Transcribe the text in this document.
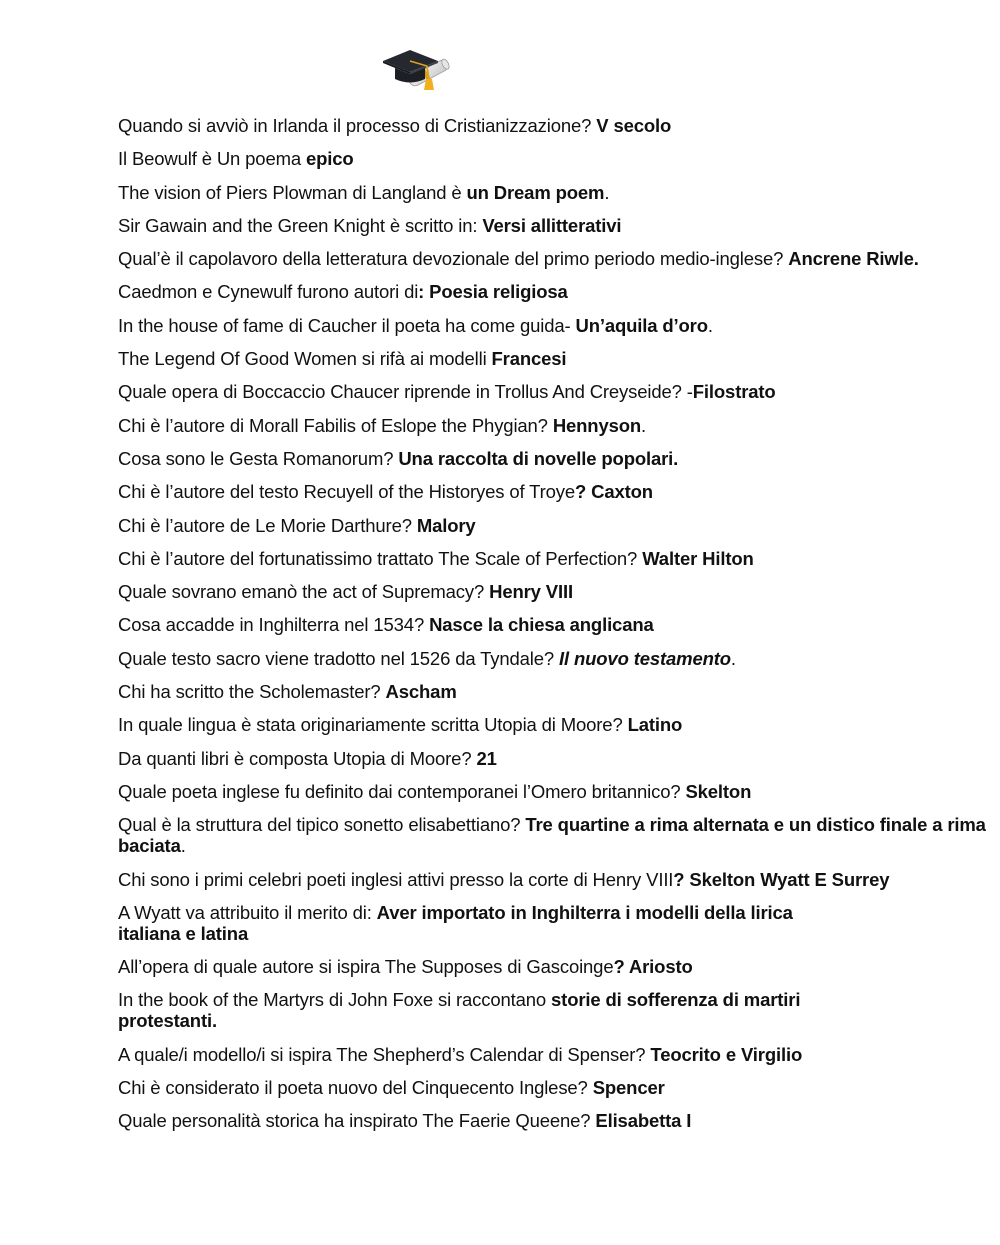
Quando si avviò in Irlanda il processo di Cristianizzazione? V secolo
Il Beowulf è Un poema epico
The vision of Piers Plowman di Langland è un Dream poem.
Sir Gawain and the Green Knight è scritto in: Versi allitterativi
Qual’è il capolavoro della letteratura devozionale del primo periodo medio-inglese? Ancrene Riwle.
Caedmon e Cynewulf furono autori di: Poesia religiosa
In the house of fame di Caucher il poeta ha come guida- Un’aquila d’oro.
The Legend Of Good Women si rifà ai modelli Francesi
Quale opera di Boccaccio Chaucer riprende in Trollus And Creyseide? -Filostrato
Chi è l’autore di Morall Fabilis of Eslope the Phygian? Hennyson.
Cosa sono le Gesta Romanorum? Una raccolta di novelle popolari.
Chi è l’autore del testo Recuyell of the Historyes of Troye? Caxton
Chi è l’autore de Le Morie Darthure? Malory
Chi è l’autore del fortunatissimo trattato The Scale of Perfection? Walter Hilton
Quale sovrano emanò the act of Supremacy? Henry VIII
Cosa accadde in Inghilterra nel 1534? Nasce la chiesa anglicana
Quale testo sacro viene tradotto nel 1526 da Tyndale? Il nuovo testamento.
Chi ha scritto the Scholemaster? Ascham
In quale lingua è stata originariamente scritta Utopia di Moore? Latino
Da quanti libri è composta Utopia di Moore? 21
Quale poeta inglese fu definito dai contemporanei l’Omero britannico? Skelton
Qual è la struttura del tipico sonetto elisabettiano? Tre quartine a rima alternata e un distico finale a rima baciata.
Chi sono i primi celebri poeti inglesi attivi presso la corte di Henry VIII? Skelton Wyatt E Surrey
A Wyatt va attribuito il merito di: Aver importato in Inghilterra i modelli della lirica italiana e latina
All’opera di quale autore si ispira The Supposes di Gascoinge? Ariosto
In the book of the Martyrs di John Foxe si raccontano storie di sofferenza di martiri protestanti.
A quale/i modello/i si ispira The Shepherd’s Calendar di Spenser? Teocrito e Virgilio
Chi è considerato il poeta nuovo del Cinquecento Inglese? Spencer
Quale personalità storica ha inspirato The Faerie Queene? Elisabetta I
